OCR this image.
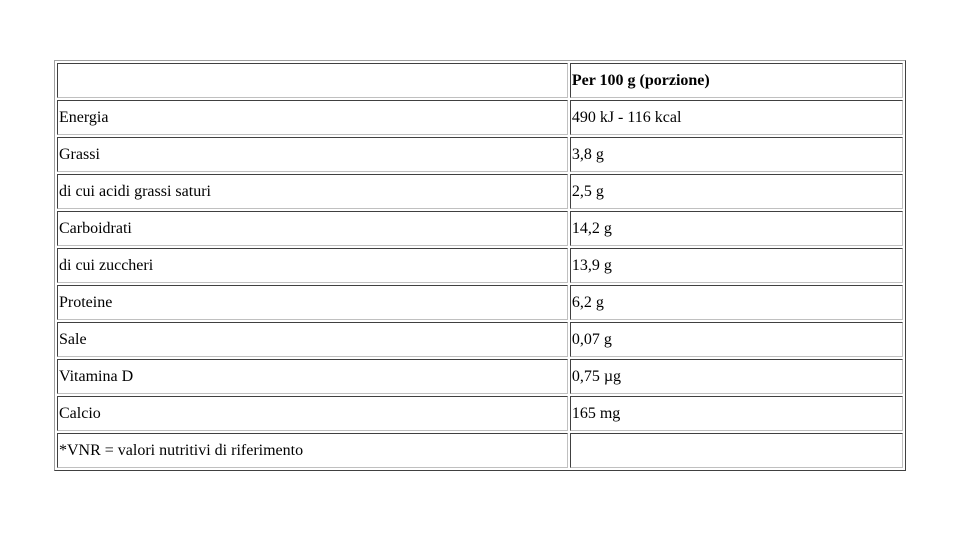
	Per 100 g (porzione)
Energia	490 kJ - 116 kcal
Grassi	3,8 g
di cui acidi grassi saturi	2,5 g
Carboidrati	14,2 g
di cui zuccheri	13,9 g
Proteine	6,2 g
Sale	0,07 g
Vitamina D	0,75 µg
Calcio	165 mg
*VNR = valori nutritivi di riferimento	
